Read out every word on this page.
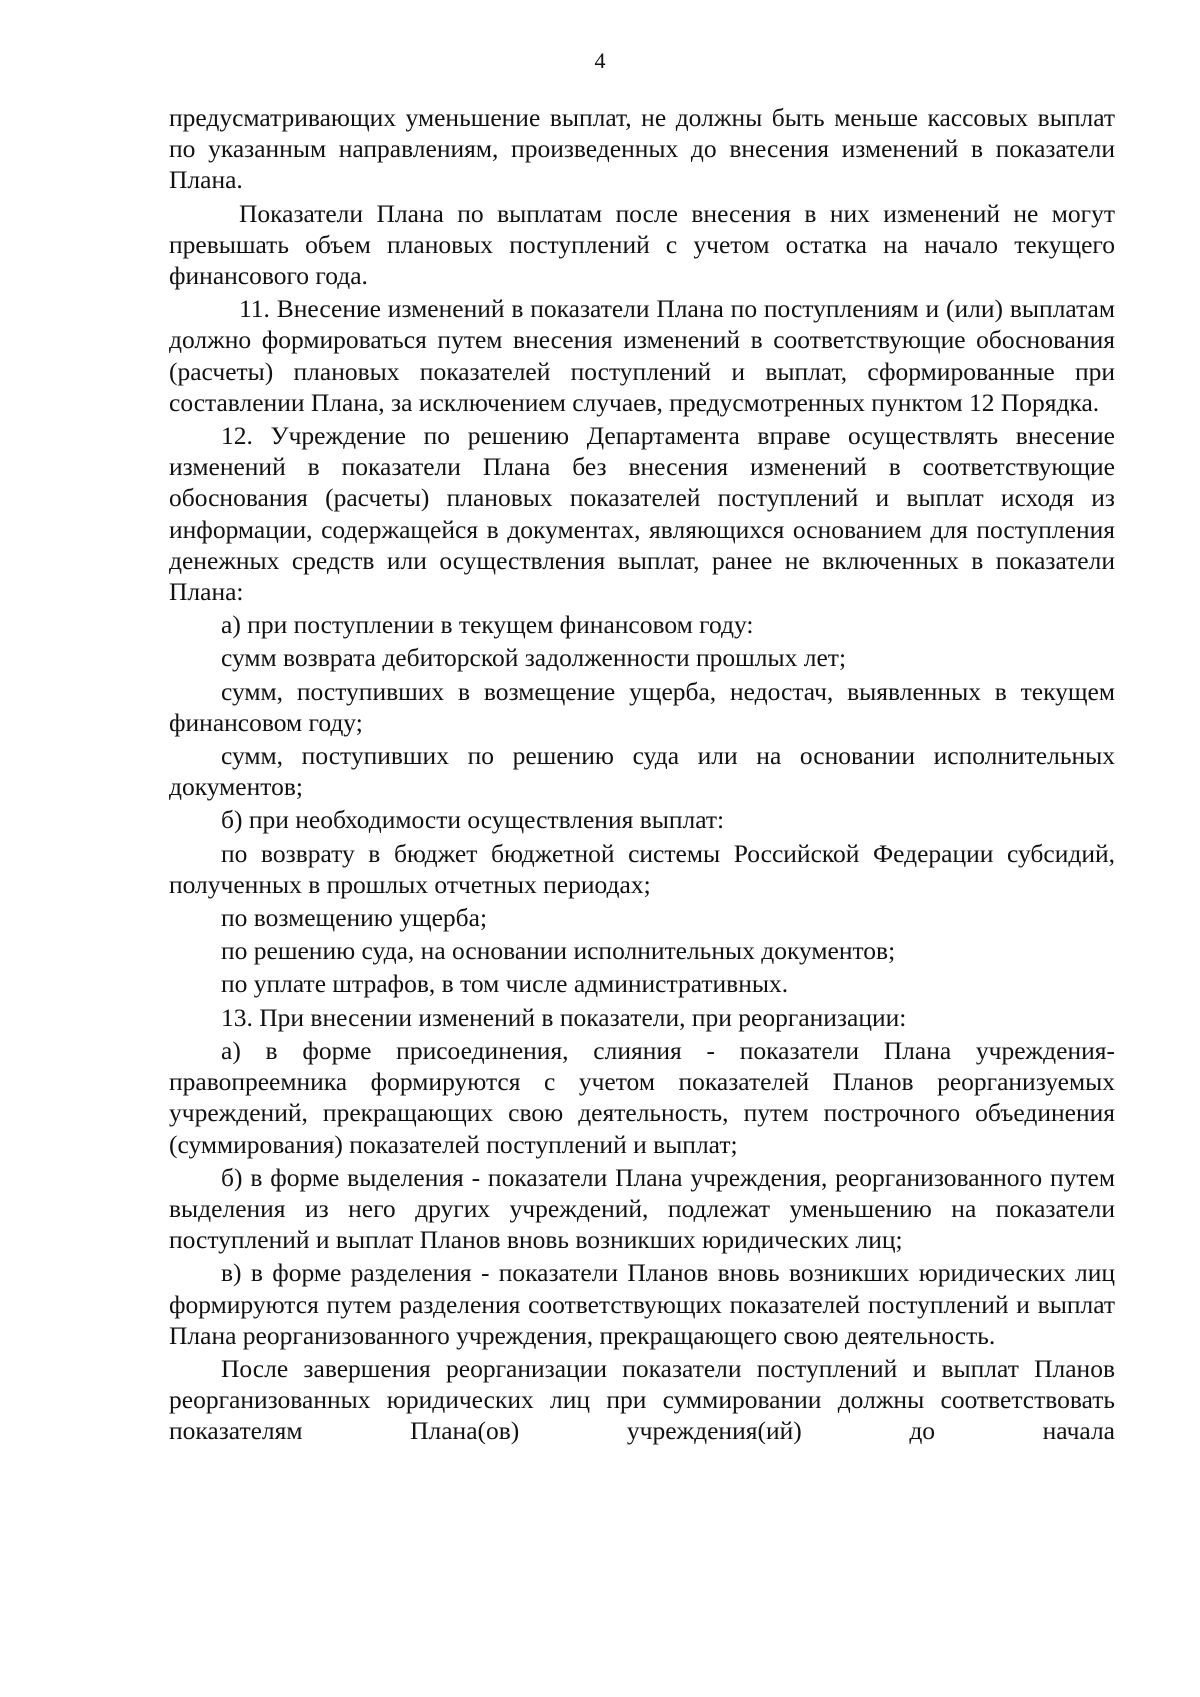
4

предусматривающих уменьшение выплат, не должны быть меньше кассовых выплат по указанным направлениям, произведенных до внесения изменений в показатели Плана.

Показатели Плана по выплатам после внесения в них изменений не могут превышать объем плановых поступлений с учетом остатка на начало текущего финансового года.

11. Внесение изменений в показатели Плана по поступлениям и (или) выплатам должно формироваться путем внесения изменений в соответствующие обоснования (расчеты) плановых показателей поступлений и выплат, сформированные при составлении Плана, за исключением случаев, предусмотренных пунктом 12 Порядка.

12. Учреждение по решению Департамента вправе осуществлять внесение изменений в показатели Плана без внесения изменений в соответствующие обоснования (расчеты) плановых показателей поступлений и выплат исходя из информации, содержащейся в документах, являющихся основанием для поступления денежных средств или осуществления выплат, ранее не включенных в показатели Плана:

а) при поступлении в текущем финансовом году:

сумм возврата дебиторской задолженности прошлых лет;

сумм, поступивших в возмещение ущерба, недостач, выявленных в текущем финансовом году;

сумм, поступивших по решению суда или на основании исполнительных документов;

б) при необходимости осуществления выплат:

по возврату в бюджет бюджетной системы Российской Федерации субсидий, полученных в прошлых отчетных периодах;

по возмещению ущерба;

по решению суда, на основании исполнительных документов;

по уплате штрафов, в том числе административных.

13. При внесении изменений в показатели, при реорганизации:

а) в форме присоединения, слияния - показатели Плана учреждения-правопреемника формируются с учетом показателей Планов реорганизуемых учреждений, прекращающих свою деятельность, путем построчного объединения (суммирования) показателей поступлений и выплат;

б) в форме выделения - показатели Плана учреждения, реорганизованного путем выделения из него других учреждений, подлежат уменьшению на показатели поступлений и выплат Планов вновь возникших юридических лиц;

в) в форме разделения - показатели Планов вновь возникших юридических лиц формируются путем разделения соответствующих показателей поступлений и выплат Плана реорганизованного учреждения, прекращающего свою деятельность.

После завершения реорганизации показатели поступлений и выплат Планов реорганизованных юридических лиц при суммировании должны соответствовать показателям Плана(ов) учреждения(ий) до начала
